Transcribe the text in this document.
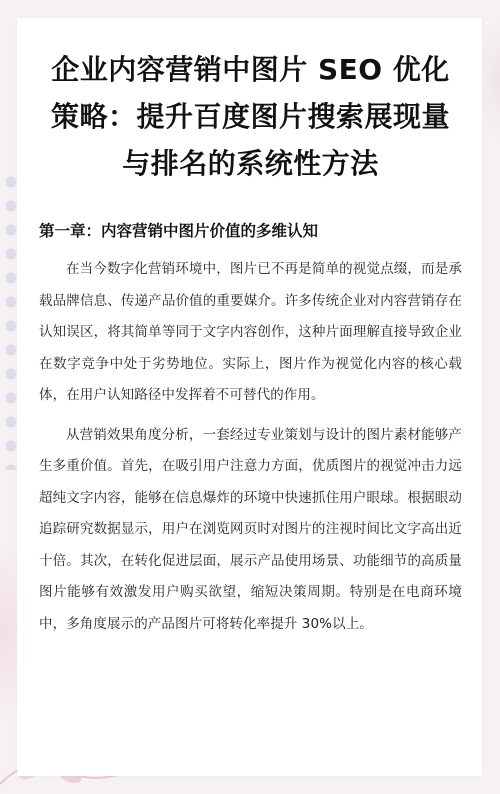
企业内容营销中图片 SEO 优化策略：提升百度图片搜索展现量与排名的系统性方法
第一章：内容营销中图片价值的多维认知

在当今数字化营销环境中，图片已不再是简单的视觉点缀，而是承载品牌信息、传递产品价值的重要媒介。许多传统企业对内容营销存在认知误区，将其简单等同于文字内容创作，这种片面理解直接导致企业在数字竞争中处于劣势地位。实际上，图片作为视觉化内容的核心载体，在用户认知路径中发挥着不可替代的作用。

从营销效果角度分析，一套经过专业策划与设计的图片素材能够产生多重价值。首先，在吸引用户注意力方面，优质图片的视觉冲击力远超纯文字内容，能够在信息爆炸的环境中快速抓住用户眼球。根据眼动追踪研究数据显示，用户在浏览网页时对图片的注视时间比文字高出近十倍。其次，在转化促进层面，展示产品使用场景、功能细节的高质量图片能够有效激发用户购买欲望，缩短决策周期。特别是在电商环境中，多角度展示的产品图片可将转化率提升 30%以上。
